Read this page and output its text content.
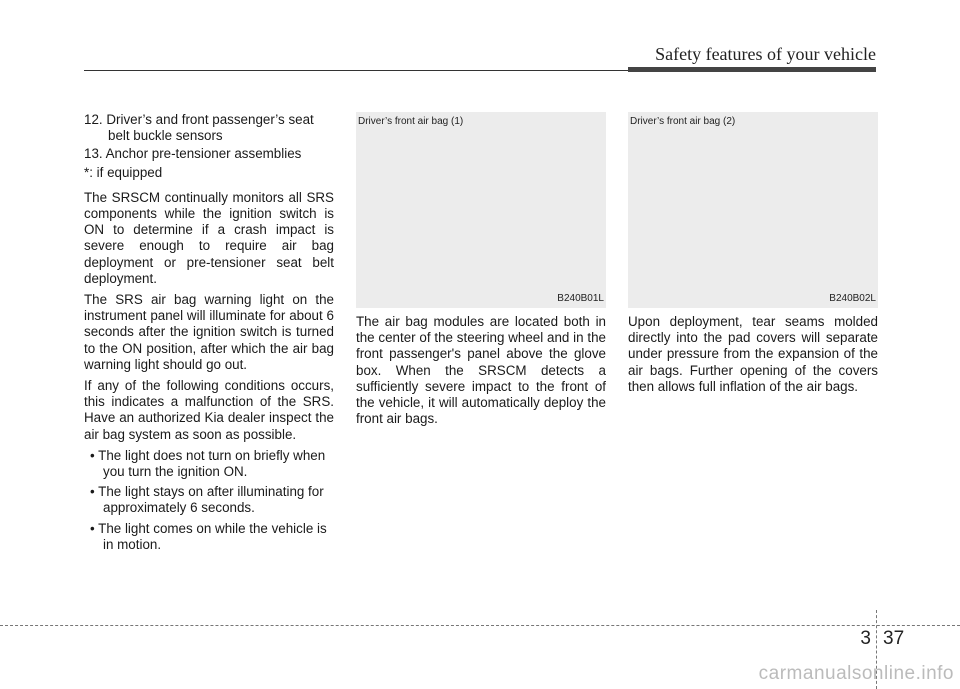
Safety features of your vehicle

12. Driver’s and front passenger’s seat belt buckle sensors

13. Anchor pre-tensioner assemblies

*: if equipped

The SRSCM continually monitors all SRS components while the ignition switch is ON to determine if a crash impact is severe enough to require air bag deployment or pre-tensioner seat belt deployment.

The SRS air bag warning light on the instrument panel will illuminate for about 6 seconds after the ignition switch is turned to the ON position, after which the air bag warning light should go out.

If any of the following conditions occurs, this indicates a malfunction of the SRS. Have an authorized Kia dealer inspect the air bag system as soon as possible.

• The light does not turn on briefly when you turn the ignition ON.

• The light stays on after illuminating for approximately 6 seconds.

• The light comes on while the vehicle is in motion.

Driver’s front air bag (1)
B240B01L

The air bag modules are located both in the center of the steering wheel and in the front passenger's panel above the glove box. When the SRSCM detects a sufficiently severe impact to the front of the vehicle, it will automatically deploy the front air bags.

Driver’s front air bag (2)
B240B02L

Upon deployment, tear seams molded directly into the pad covers will separate under pressure from the expansion of the air bags. Further opening of the covers then allows full inflation of the air bags.

3 37
carmanualsonline.info
